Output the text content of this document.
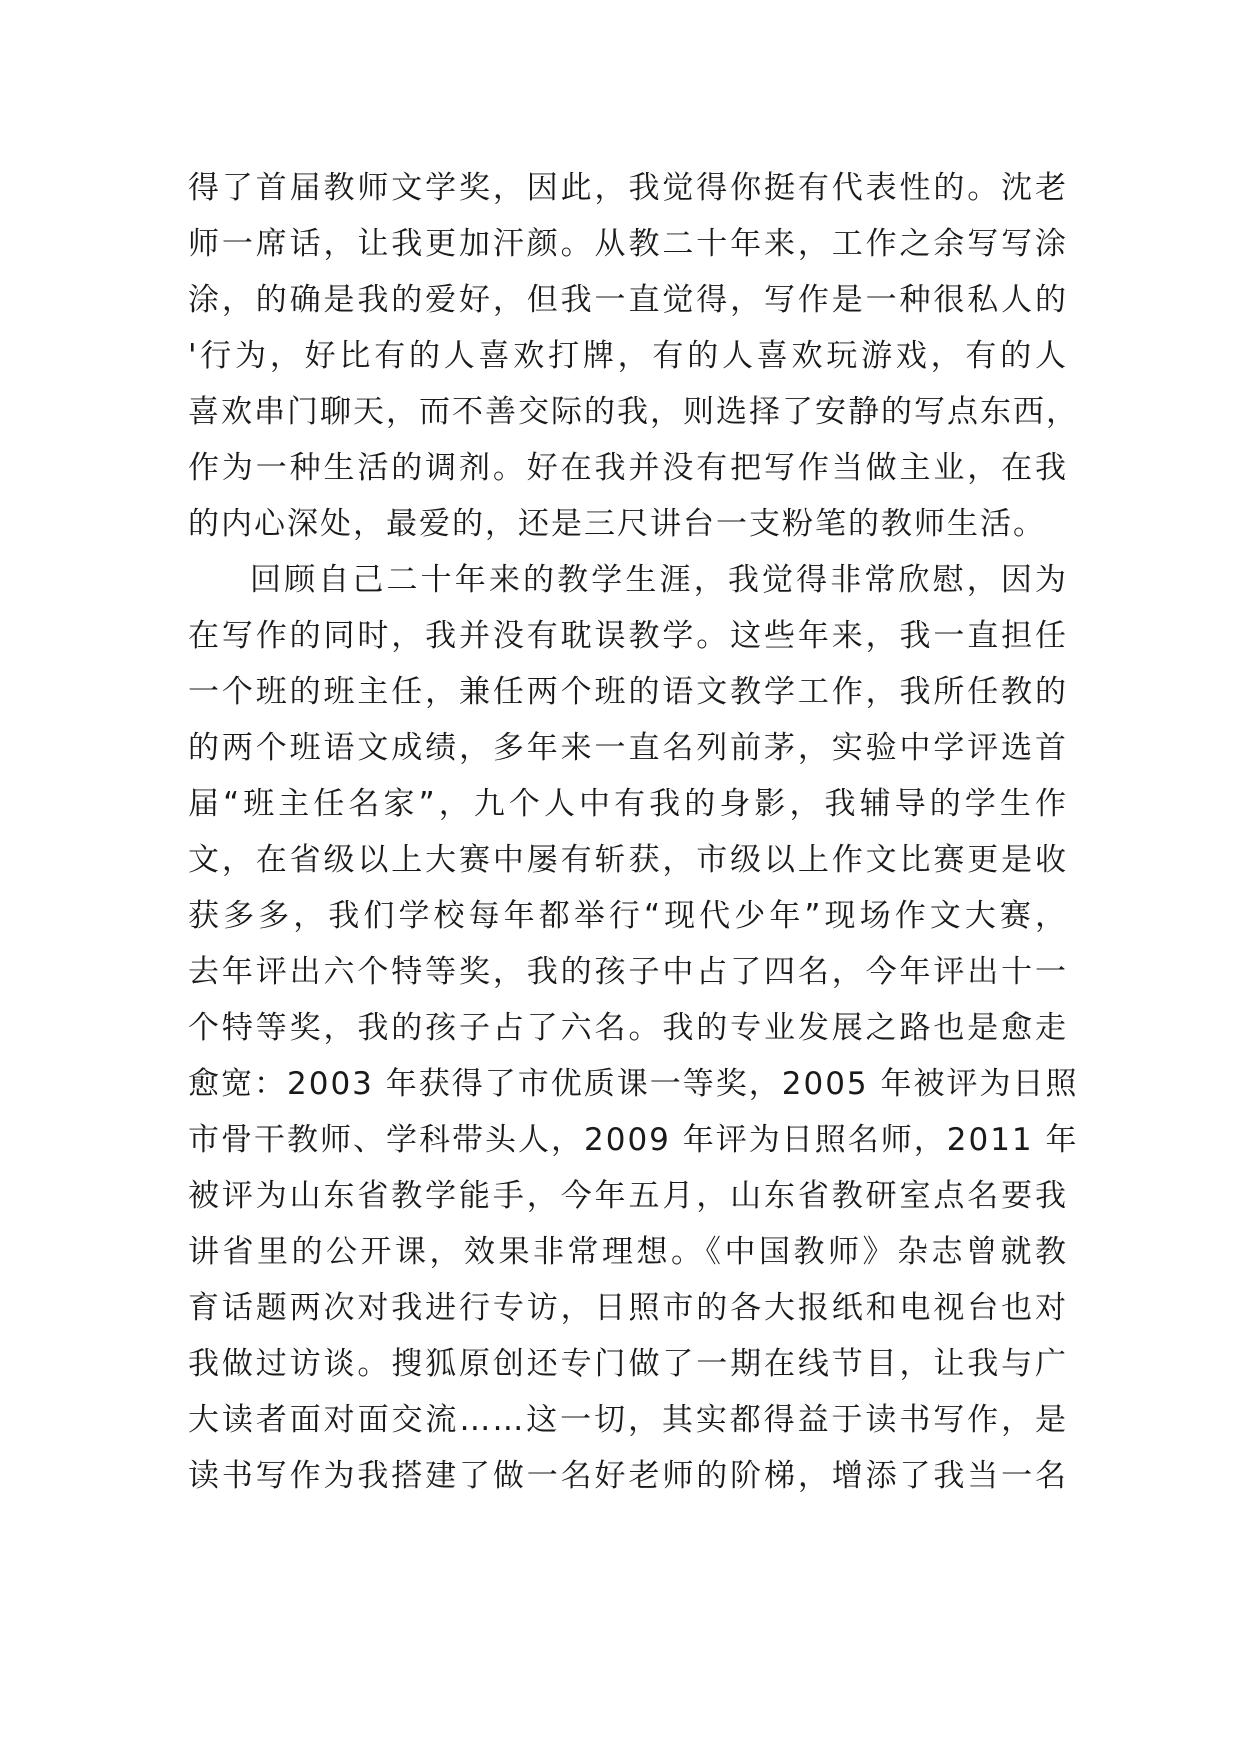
得了首届教师文学奖，因此，我觉得你挺有代表性的。沈老
师一席话，让我更加汗颜。从教二十年来，工作之余写写涂
涂，的确是我的爱好，但我一直觉得，写作是一种很私人的
'行为，好比有的人喜欢打牌，有的人喜欢玩游戏，有的人
喜欢串门聊天，而不善交际的我，则选择了安静的写点东西，
作为一种生活的调剂。好在我并没有把写作当做主业，在我
的内心深处，最爱的，还是三尺讲台一支粉笔的教师生活。
回顾自己二十年来的教学生涯，我觉得非常欣慰，因为
在写作的同时，我并没有耽误教学。这些年来，我一直担任
一个班的班主任，兼任两个班的语文教学工作，我所任教的
的两个班语文成绩，多年来一直名列前茅，实验中学评选首
届“班主任名家”，九个人中有我的身影，我辅导的学生作
文，在省级以上大赛中屡有斩获，市级以上作文比赛更是收
获多多，我们学校每年都举行“现代少年”现场作文大赛，
去年评出六个特等奖，我的孩子中占了四名，今年评出十一
个特等奖，我的孩子占了六名。我的专业发展之路也是愈走
愈宽：2003 年获得了市优质课一等奖，2005 年被评为日照
市骨干教师、学科带头人，2009 年评为日照名师，2011 年
被评为山东省教学能手，今年五月，山东省教研室点名要我
讲省里的公开课，效果非常理想。《中国教师》杂志曾就教
育话题两次对我进行专访，日照市的各大报纸和电视台也对
我做过访谈。搜狐原创还专门做了一期在线节目，让我与广
大读者面对面交流……这一切，其实都得益于读书写作，是
读书写作为我搭建了做一名好老师的阶梯，增添了我当一名
